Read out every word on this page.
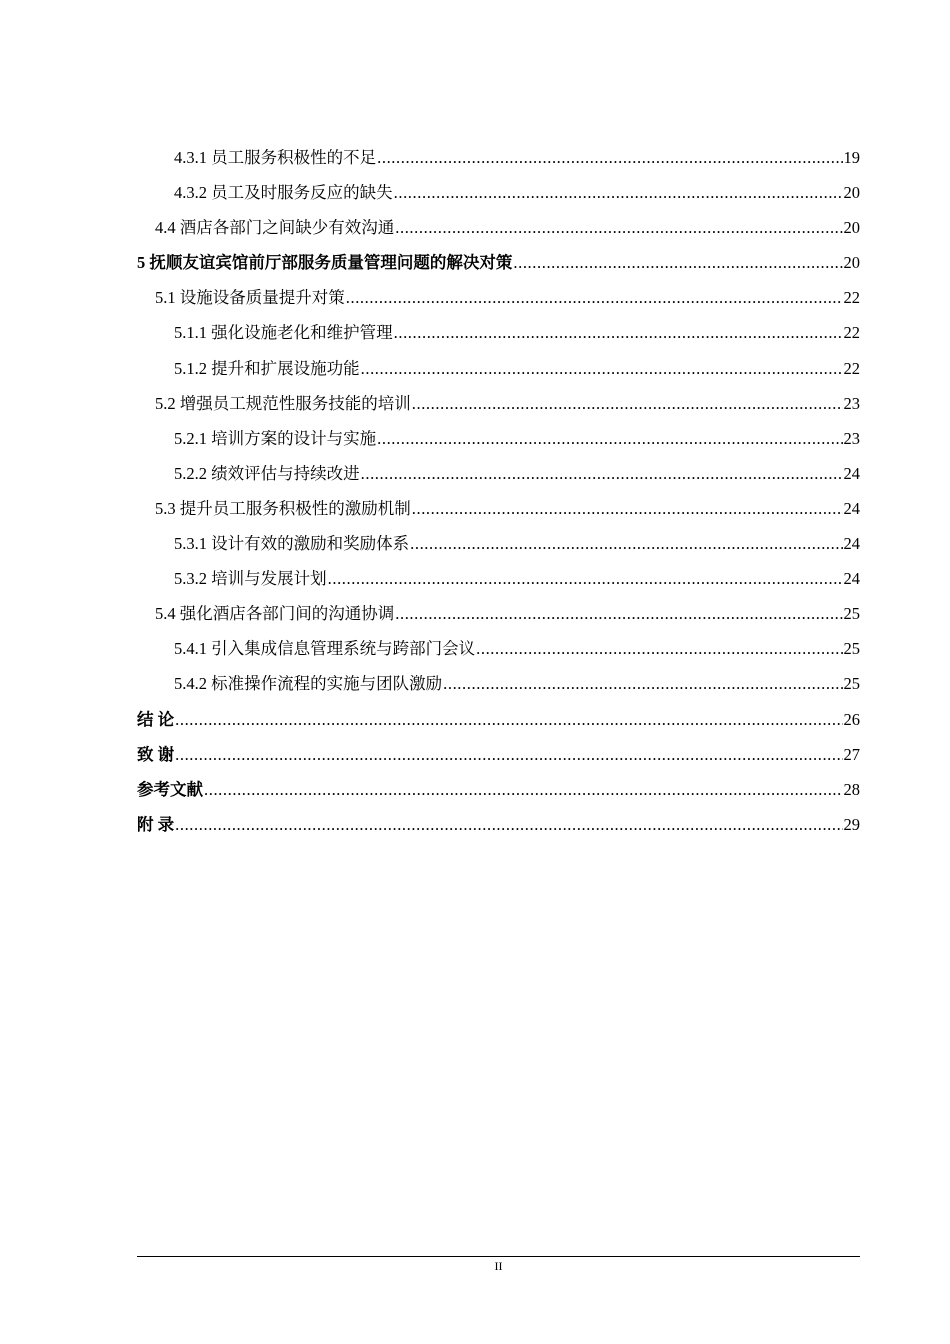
4.3.1 员工服务积极性的不足 .....	19
4.3.2 员工及时服务反应的缺失 .....	20
4.4 酒店各部门之间缺少有效沟通 .....	20
5 抚顺友谊宾馆前厅部服务质量管理问题的解决对策 .....	20
5.1 设施设备质量提升对策 .....	22
5.1.1 强化设施老化和维护管理 .....	22
5.1.2 提升和扩展设施功能 .....	22
5.2 增强员工规范性服务技能的培训 .....	23
5.2.1 培训方案的设计与实施 .....	23
5.2.2 绩效评估与持续改进 .....	24
5.3 提升员工服务积极性的激励机制 .....	24
5.3.1 设计有效的激励和奖励体系 .....	24
5.3.2 培训与发展计划 .....	24
5.4 强化酒店各部门间的沟通协调 .....	25
5.4.1 引入集成信息管理系统与跨部门会议 .....	25
5.4.2 标准操作流程的实施与团队激励 .....	25
结 论 .....	26
致 谢 .....	27
参考文献 .....	28
附 录 .....	29
II
